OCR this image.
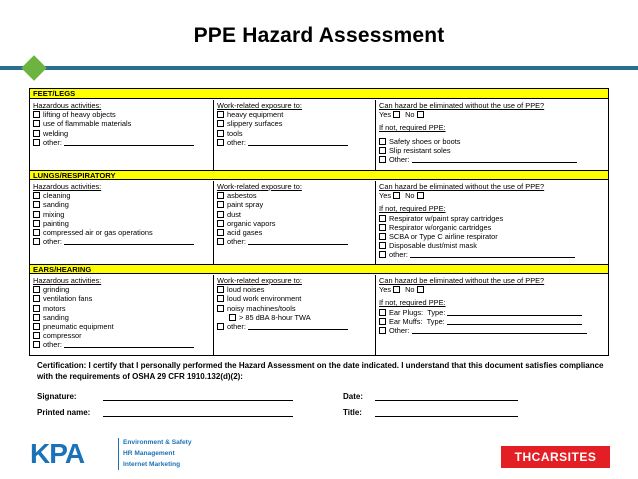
PPE Hazard Assessment
FEET/LEGS
Hazardous activities:
lifting of heavy objects
use of flammable materials
welding
other:
Work-related exposure to:
heavy equipment
slippery surfaces
tools
other:
Can hazard be eliminated without the use of PPE?
Yes No
If not, required PPE:
Safety shoes or boots
Slip resistant soles
Other:
LUNGS/RESPIRATORY
Hazardous activities:
cleaning
sanding
mixing
painting
compressed air or gas operations
other:
Work-related exposure to:
asbestos
paint spray
dust
organic vapors
acid gases
other:
Can hazard be eliminated without the use of PPE?
Yes No
If not, required PPE:
Respirator w/paint spray cartridges
Respirator w/organic cartridges
SCBA or Type C airline respirator
Disposable dust/mist mask
other:
EARS/HEARING
Hazardous activities:
grinding
ventilation fans
motors
sanding
pneumatic equipment
compressor
other:
Work-related exposure to:
loud noises
loud work environment
noisy machines/tools
> 85 dBA 8-hour TWA
other:
Can hazard be eliminated without the use of PPE?
Yes No
If not, required PPE:
Ear Plugs: Type:
Ear Muffs: Type:
Other:
Certification: I certify that I personally performed the Hazard Assessment on the date indicated. I understand that this document satisfies compliance with the requirements of OSHA 29 CFR 1910.132(d)(2):
Signature:	Date:
Printed name:	Title:
KPA	Environment & Safety
HR Management
Internet Marketing
THCARSITES
